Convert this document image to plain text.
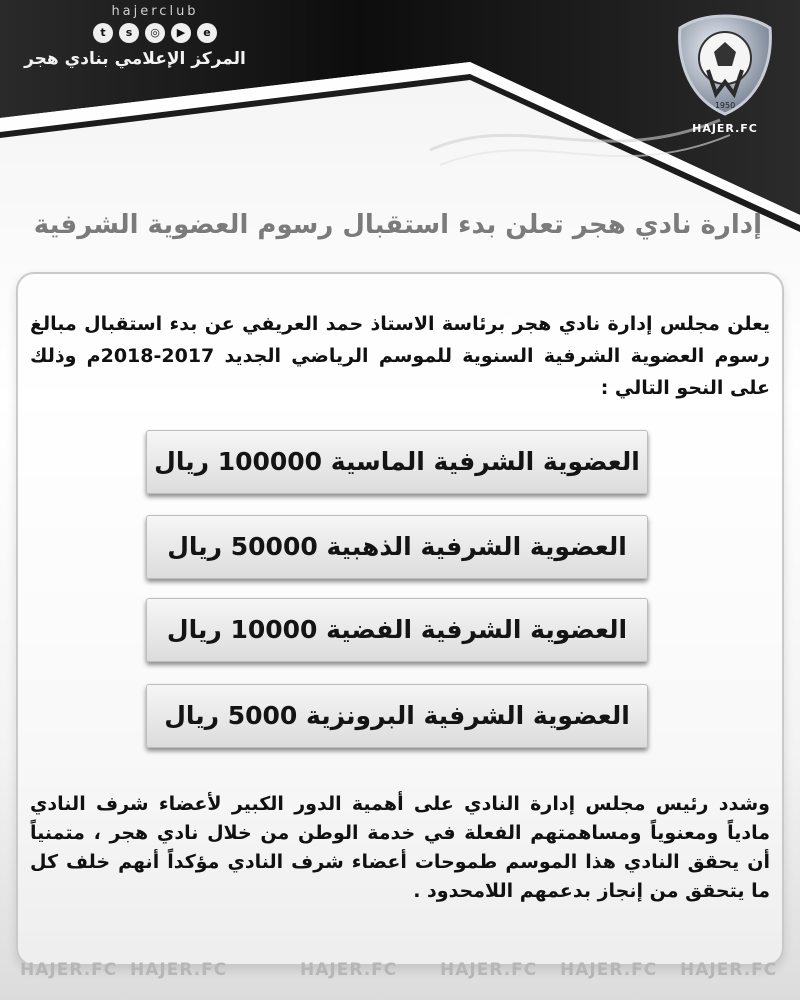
hajerclub
t	s	◎	▶	e
المركز الإعلامي بنادي هجر
1950
HAJER.FC
إدارة نادي هجر تعلن بدء استقبال رسوم العضوية الشرفية
يعلن مجلس إدارة نادي هجر برئاسة الاستاذ حمد العريفي عن بدء استقبال مبالغ رسوم العضوية الشرفية السنوية للموسم الرياضي الجديد 2017-2018م وذلك على النحو التالي :
العضوية الشرفية الماسية 100000 ريال
العضوية الشرفية الذهبية 50000 ريال
العضوية الشرفية الفضية 10000 ريال
العضوية الشرفية البرونزية 5000 ريال
وشدد رئيس مجلس إدارة النادي على أهمية الدور الكبير لأعضاء شرف النادي مادياً ومعنوياً ومساهمتهم الفعلة في خدمة الوطن من خلال نادي هجر ، متمنياً أن يحقق النادي هذا الموسم طموحات أعضاء شرف النادي مؤكداً أنهم خلف كل ما يتحقق من إنجاز بدعمهم اللامحدود .
HAJER.FC HAJER.FC	HAJER.FC	HAJER.FC HAJER.FC HAJER.FC
